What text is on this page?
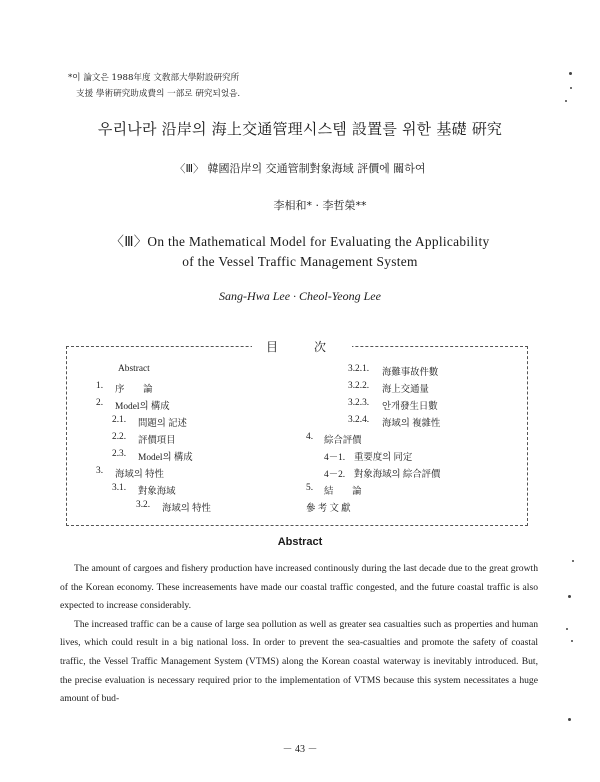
*이 論文은 1988年度 文敎部大學附設硏究所
支援 學術硏究助成費의 一部로 硏究되었음.
우리나라 沿岸의 海上交通管理시스템 設置를 위한 基礎 硏究
〈Ⅲ〉 韓國沿岸의 交通管制對象海域 評價에 關하여
李相和* · 李哲榮**
〈Ⅲ〉On the Mathematical Model for Evaluating the Applicability
of the Vessel Traffic Management System
Sang-Hwa Lee · Cheol-Yeong Lee
目	次
Abstract
1. 序　　論
2. Model의 構成
2.1. 問題의 記述
2.2. 評價項目
2.3. Model의 構成
3. 海域의 特性
3.1. 對象海域
3.2. 海域의 特性
3.2.1. 海難事故件數
3.2.2. 海上交通量
3.2.3. 안개發生日數
3.2.4. 海域의 複雜性
4. 綜合評價
4－1. 重要度의 同定
4－2. 對象海域의 綜合評價
5. 結　　論
參 考 文 獻
Abstract

The amount of cargoes and fishery production have increased continously during the last decade due to the great growth of the Korean economy. These increasements have made our coastal traffic congested, and the future coastal traffic is also expected to increase considerably.

The increased traffic can be a cause of large sea pollution as well as greater sea casualties such as properties and human lives, which could result in a big national loss. In order to prevent the sea-casualties and promote the safety of coastal traffic, the Vessel Traffic Management System (VTMS) along the Korean coastal waterway is inevitably introduced. But, the precise evaluation is necessary required prior to the implementation of VTMS because this system necessitates a huge amount of bud-

－ 43 －
